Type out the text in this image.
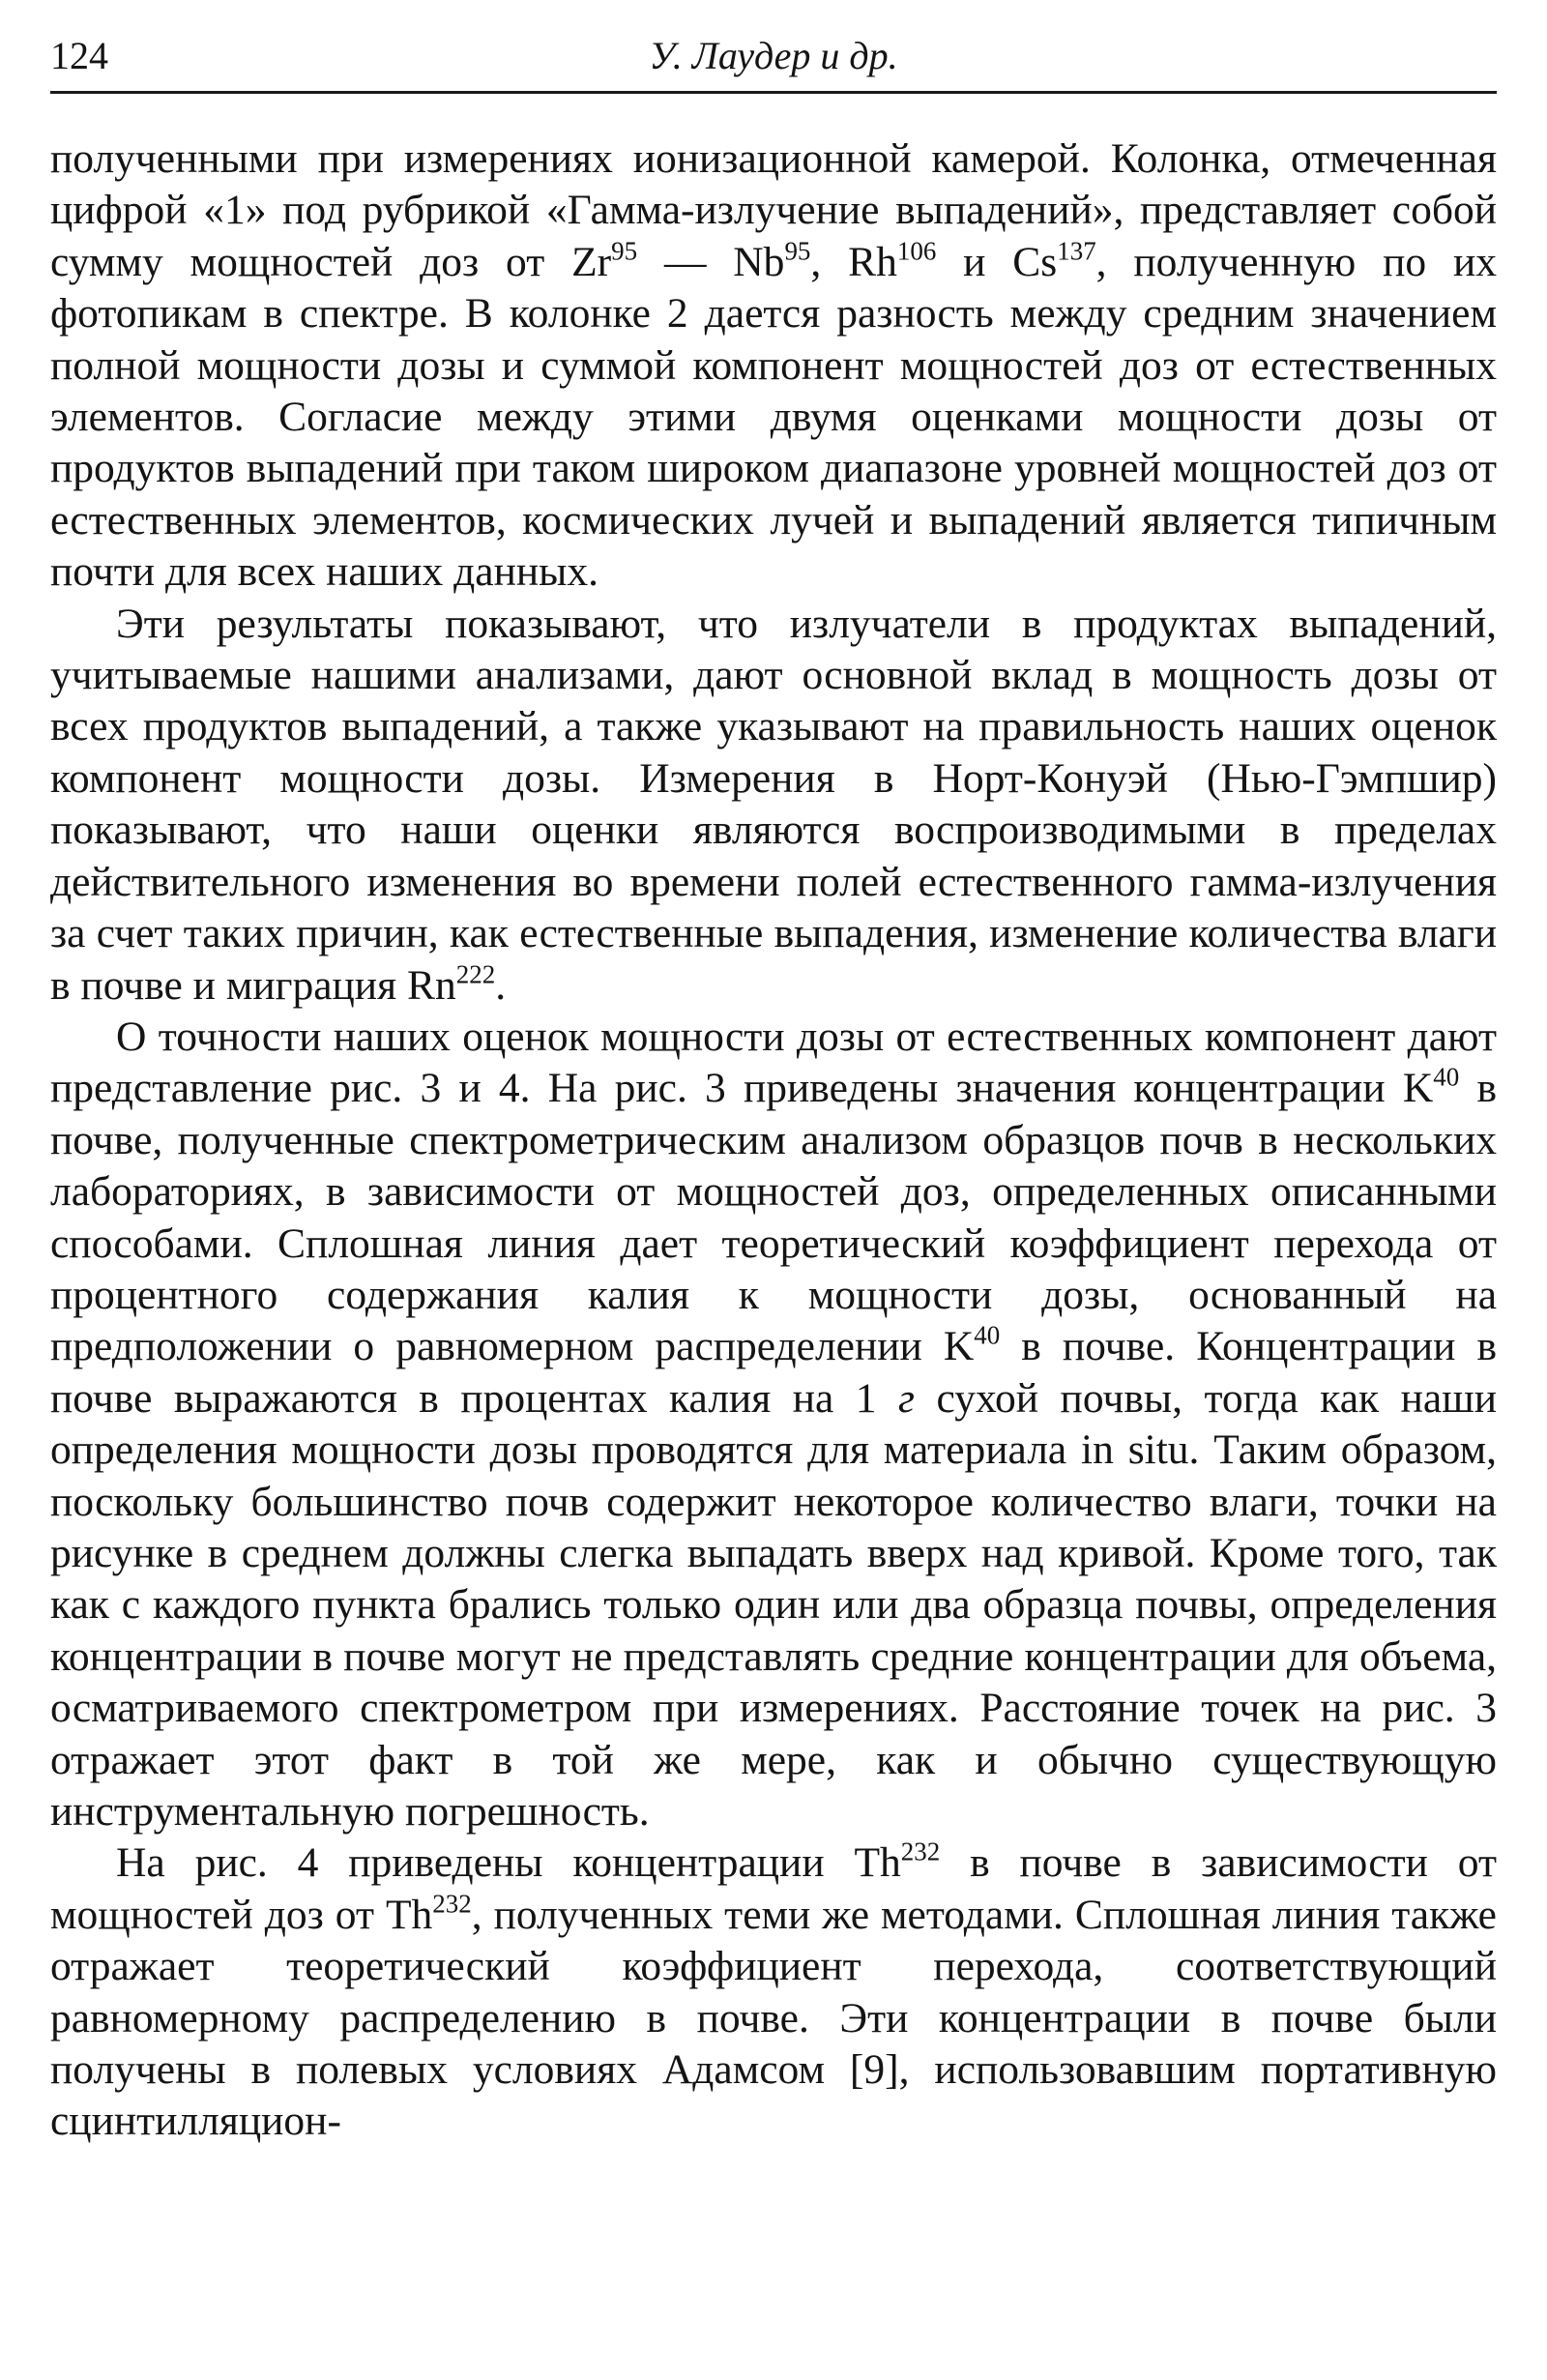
124	У. Лаудер и др.

полученными при измерениях ионизационной камерой. Колонка, отмеченная цифрой «1» под рубрикой «Гамма-излучение выпадений», представляет собой сумму мощностей доз от Zr$^{95}$ — Nb$^{95}$, Rh$^{106}$ и Cs$^{137}$, полученную по их фотопикам в спектре. В колонке 2 дается разность между средним значением полной мощности дозы и суммой компонент мощностей доз от естественных элементов. Согласие между этими двумя оценками мощности дозы от продуктов выпадений при таком широком диапазоне уровней мощностей доз от естественных элементов, космических лучей и выпадений является типичным почти для всех наших данных.

Эти результаты показывают, что излучатели в продуктах выпадений, учитываемые нашими анализами, дают основной вклад в мощность дозы от всех продуктов выпадений, а также указывают на правильность наших оценок компонент мощности дозы. Измерения в Норт-Конуэй (Нью-Гэмпшир) показывают, что наши оценки являются воспроизводимыми в пределах действительного изменения во времени полей естественного гамма-излучения за счет таких причин, как естественные выпадения, изменение количества влаги в почве и миграция Rn$^{222}$.

О точности наших оценок мощности дозы от естественных компонент дают представление рис. 3 и 4. На рис. 3 приведены значения концентрации $K^{40}$ в почве, полученные спектрометрическим анализом образцов почв в нескольких лабораториях, в зависимости от мощностей доз, определенных описанными способами. Сплошная линия дает теоретический коэффициент перехода от процентного содержания калия к мощности дозы, основанный на предположении о равномерном распределении $K^{40}$ в почве. Концентрации в почве выражаются в процентах калия на 1 г сухой почвы, тогда как наши определения мощности дозы проводятся для материала in situ. Таким образом, поскольку большинство почв содержит некоторое количество влаги, точки на рисунке в среднем должны слегка выпадать вверх над кривой. Кроме того, так как с каждого пункта брались только один или два образца почвы, определения концентрации в почве могут не представлять средние концентрации для объема, осматриваемого спектрометром при измерениях. Расстояние точек на рис. 3 отражает этот факт в той же мере, как и обычно существующую инструментальную погрешность.

На рис. 4 приведены концентрации Th$^{232}$ в почве в зависимости от мощностей доз от Th$^{232}$, полученных теми же методами. Сплошная линия также отражает теоретический коэффициент перехода, соответствующий равномерному распределению в почве. Эти концентрации в почве были получены в полевых условиях Адамсом [9], использовавшим портативную сцинтилляцион-
